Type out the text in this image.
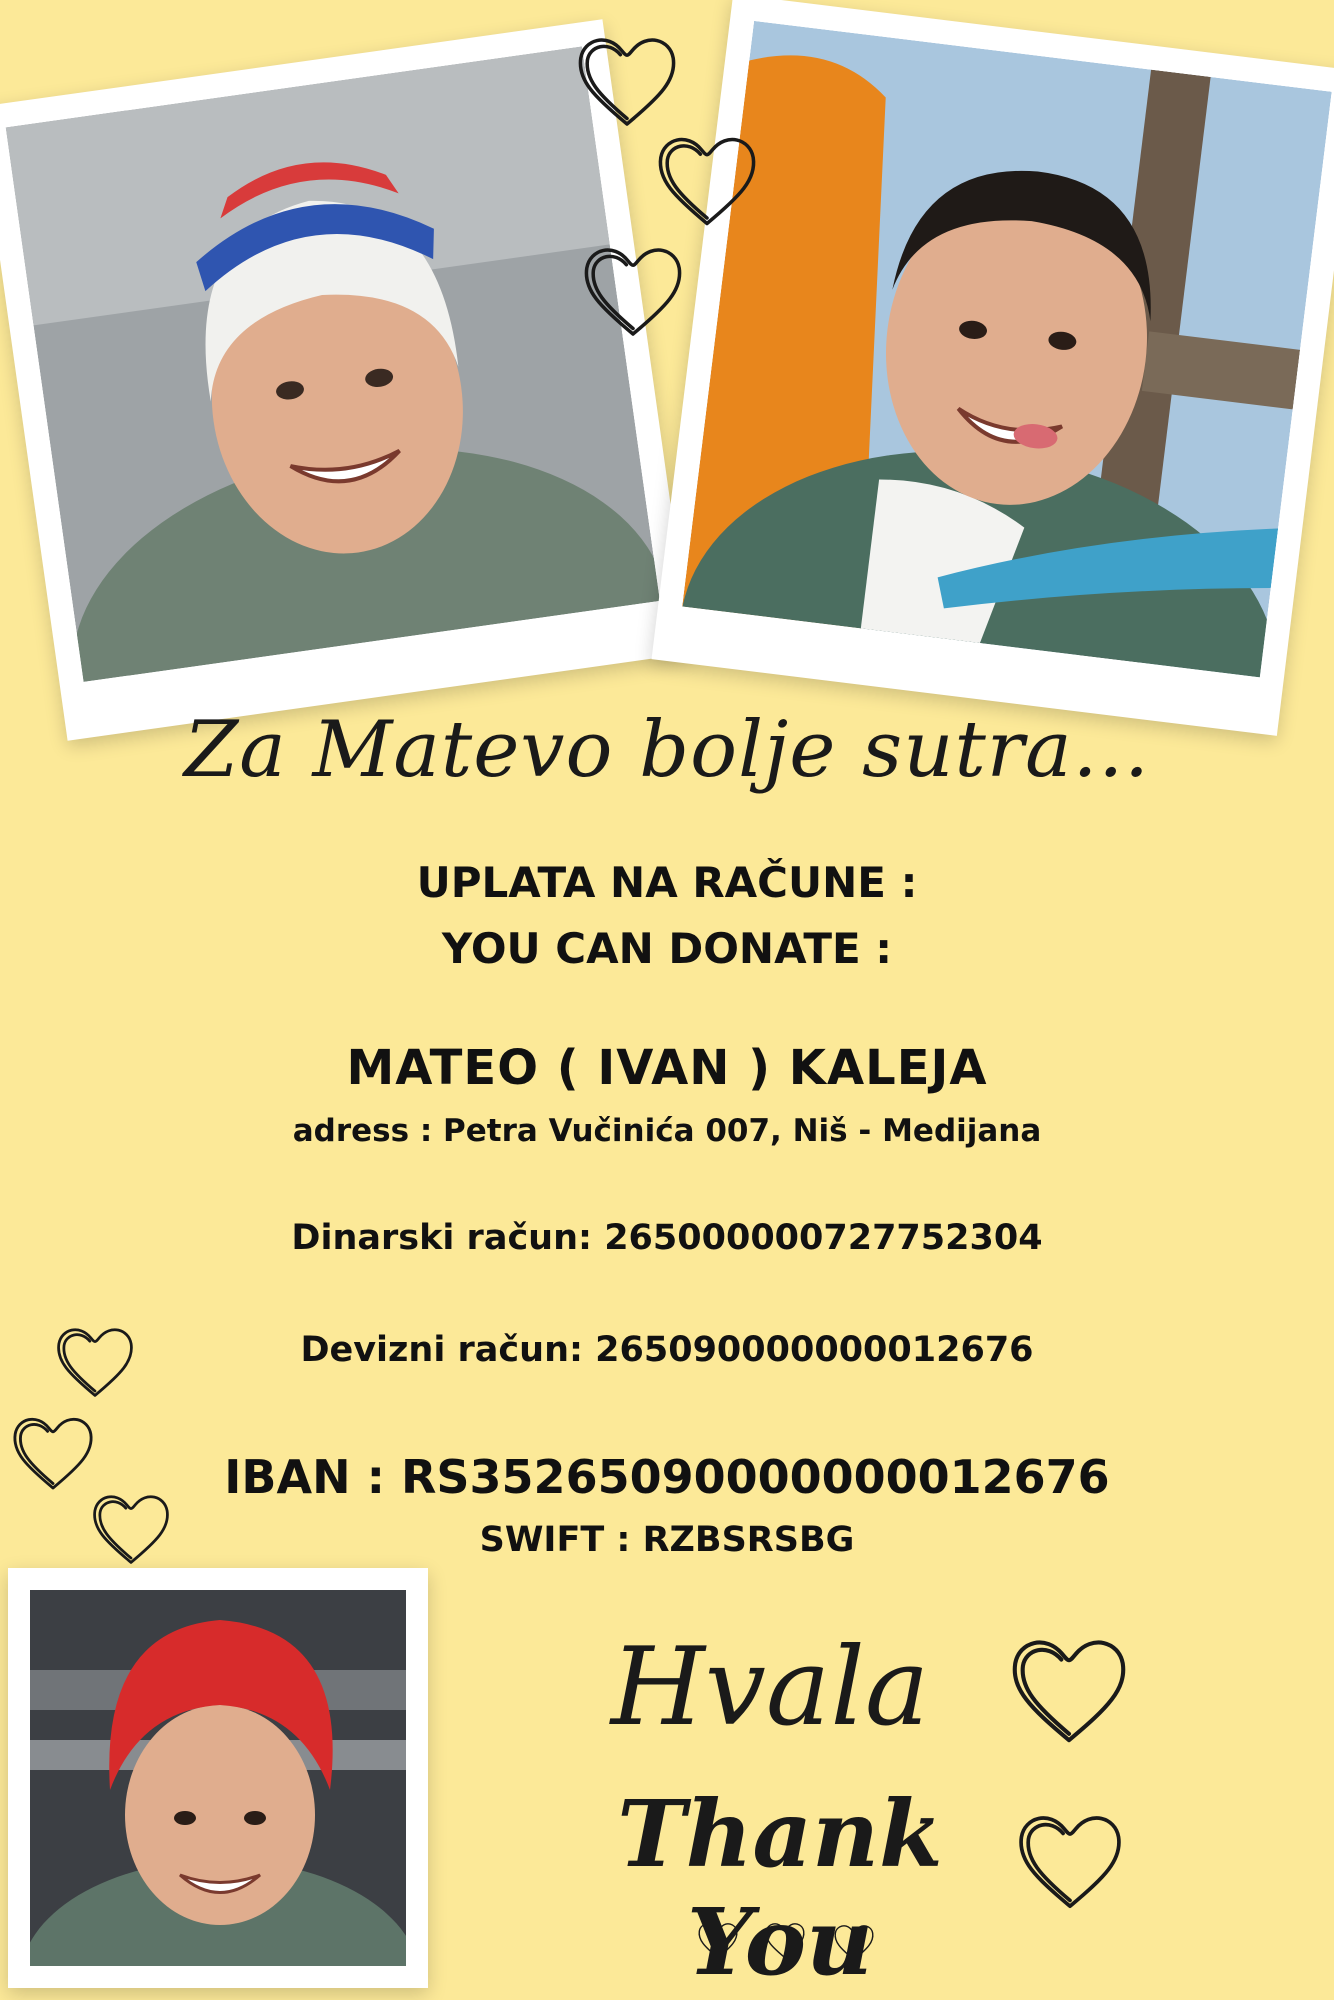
Za Matevo bolje sutra...
UPLATA NA RAČUNE :
YOU CAN DONATE :
MATEO ( IVAN ) KALEJA
adress : Petra Vučinića 007, Niš - Medijana
Dinarski račun: 265000000727752304
Devizni račun: 265090000000012676
IBAN : RS35265090000000012676
SWIFT : RZBSRSBG
Hvala
Thank You
